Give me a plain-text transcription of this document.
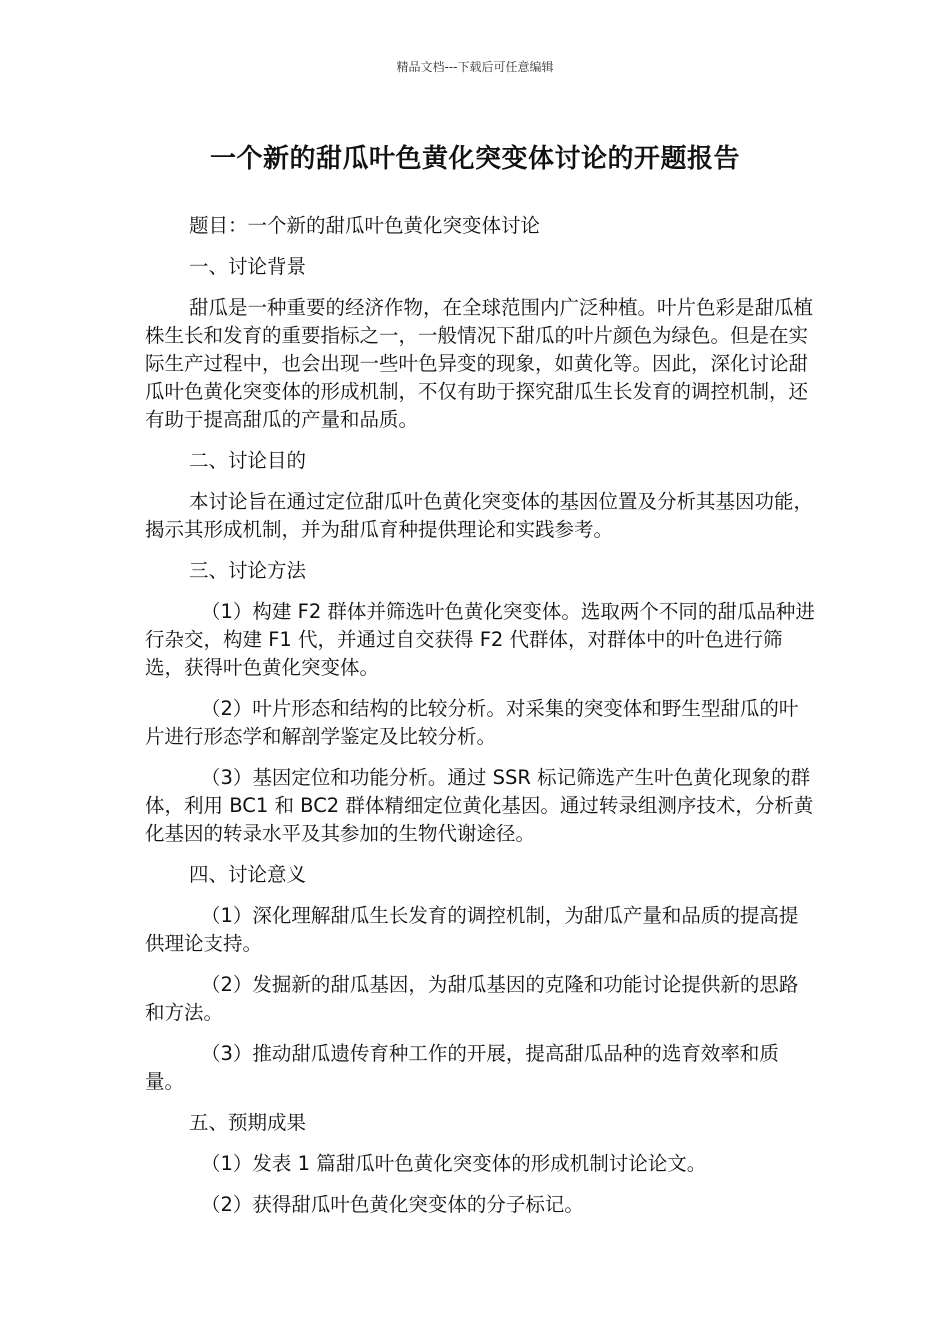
精品文档---下载后可任意编辑
一个新的甜瓜叶色黄化突变体讨论的开题报告

题目：一个新的甜瓜叶色黄化突变体讨论

一、讨论背景

甜瓜是一种重要的经济作物，在全球范围内广泛种植。叶片色彩是甜瓜植株生长和发育的重要指标之一，一般情况下甜瓜的叶片颜色为绿色。但是在实际生产过程中，也会出现一些叶色异变的现象，如黄化等。因此，深化讨论甜瓜叶色黄化突变体的形成机制，不仅有助于探究甜瓜生长发育的调控机制，还有助于提高甜瓜的产量和品质。

二、讨论目的

本讨论旨在通过定位甜瓜叶色黄化突变体的基因位置及分析其基因功能，揭示其形成机制，并为甜瓜育种提供理论和实践参考。

三、讨论方法

（1）构建 F2 群体并筛选叶色黄化突变体。选取两个不同的甜瓜品种进行杂交，构建 F1 代，并通过自交获得 F2 代群体，对群体中的叶色进行筛选，获得叶色黄化突变体。

（2）叶片形态和结构的比较分析。对采集的突变体和野生型甜瓜的叶片进行形态学和解剖学鉴定及比较分析。

（3）基因定位和功能分析。通过 SSR 标记筛选产生叶色黄化现象的群体，利用 BC1 和 BC2 群体精细定位黄化基因。通过转录组测序技术，分析黄化基因的转录水平及其参加的生物代谢途径。

四、讨论意义

（1）深化理解甜瓜生长发育的调控机制，为甜瓜产量和品质的提高提供理论支持。

（2）发掘新的甜瓜基因，为甜瓜基因的克隆和功能讨论提供新的思路和方法。

（3）推动甜瓜遗传育种工作的开展，提高甜瓜品种的选育效率和质量。

五、预期成果

（1）发表 1 篇甜瓜叶色黄化突变体的形成机制讨论论文。

（2）获得甜瓜叶色黄化突变体的分子标记。
